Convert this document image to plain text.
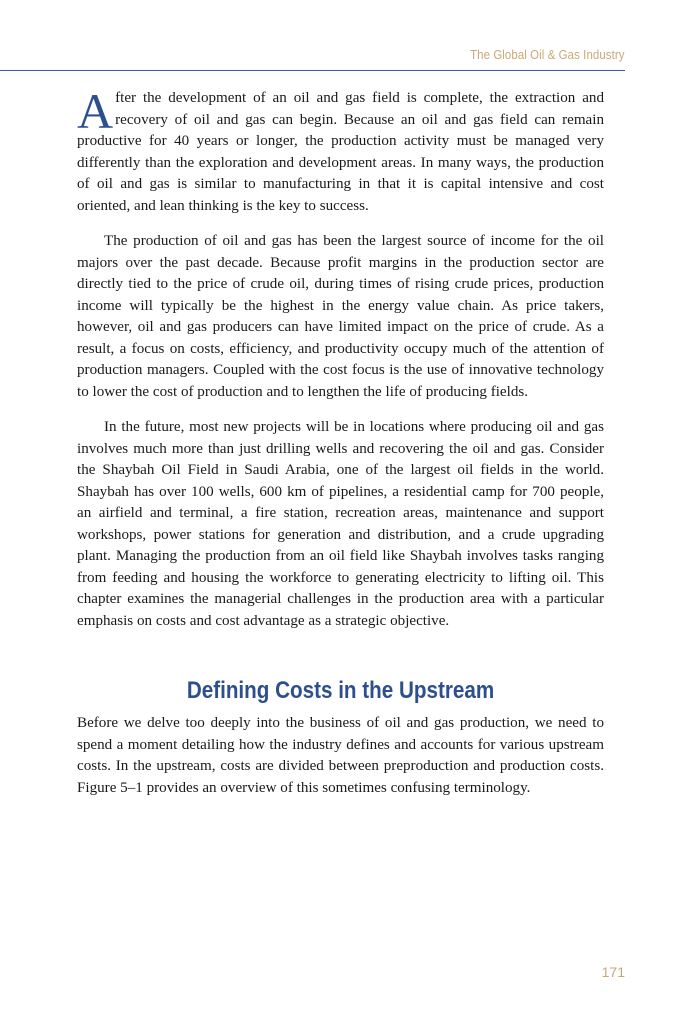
The Global Oil & Gas Industry

After the development of an oil and gas field is complete, the extraction and recovery of oil and gas can begin. Because an oil and gas field can remain productive for 40 years or longer, the production activity must be managed very differently than the exploration and development areas. In many ways, the production of oil and gas is similar to manufacturing in that it is capital intensive and cost oriented, and lean thinking is the key to success.

The production of oil and gas has been the largest source of income for the oil majors over the past decade. Because profit margins in the production sector are directly tied to the price of crude oil, during times of rising crude prices, production income will typically be the highest in the energy value chain. As price takers, however, oil and gas producers can have limited impact on the price of crude. As a result, a focus on costs, efficiency, and productivity occupy much of the attention of production managers. Coupled with the cost focus is the use of innovative technology to lower the cost of production and to lengthen the life of producing fields.

In the future, most new projects will be in locations where producing oil and gas involves much more than just drilling wells and recovering the oil and gas. Consider the Shaybah Oil Field in Saudi Arabia, one of the largest oil fields in the world. Shaybah has over 100 wells, 600 km of pipelines, a residential camp for 700 people, an airfield and terminal, a fire station, recreation areas, maintenance and support workshops, power stations for generation and distribution, and a crude upgrading plant. Managing the production from an oil field like Shaybah involves tasks ranging from feeding and housing the workforce to generating electricity to lifting oil. This chapter examines the managerial challenges in the production area with a particular emphasis on costs and cost advantage as a strategic objective.

Defining Costs in the Upstream

Before we delve too deeply into the business of oil and gas production, we need to spend a moment detailing how the industry defines and accounts for various upstream costs. In the upstream, costs are divided between preproduction and production costs. Figure 5–1 provides an overview of this sometimes confusing terminology.

171
